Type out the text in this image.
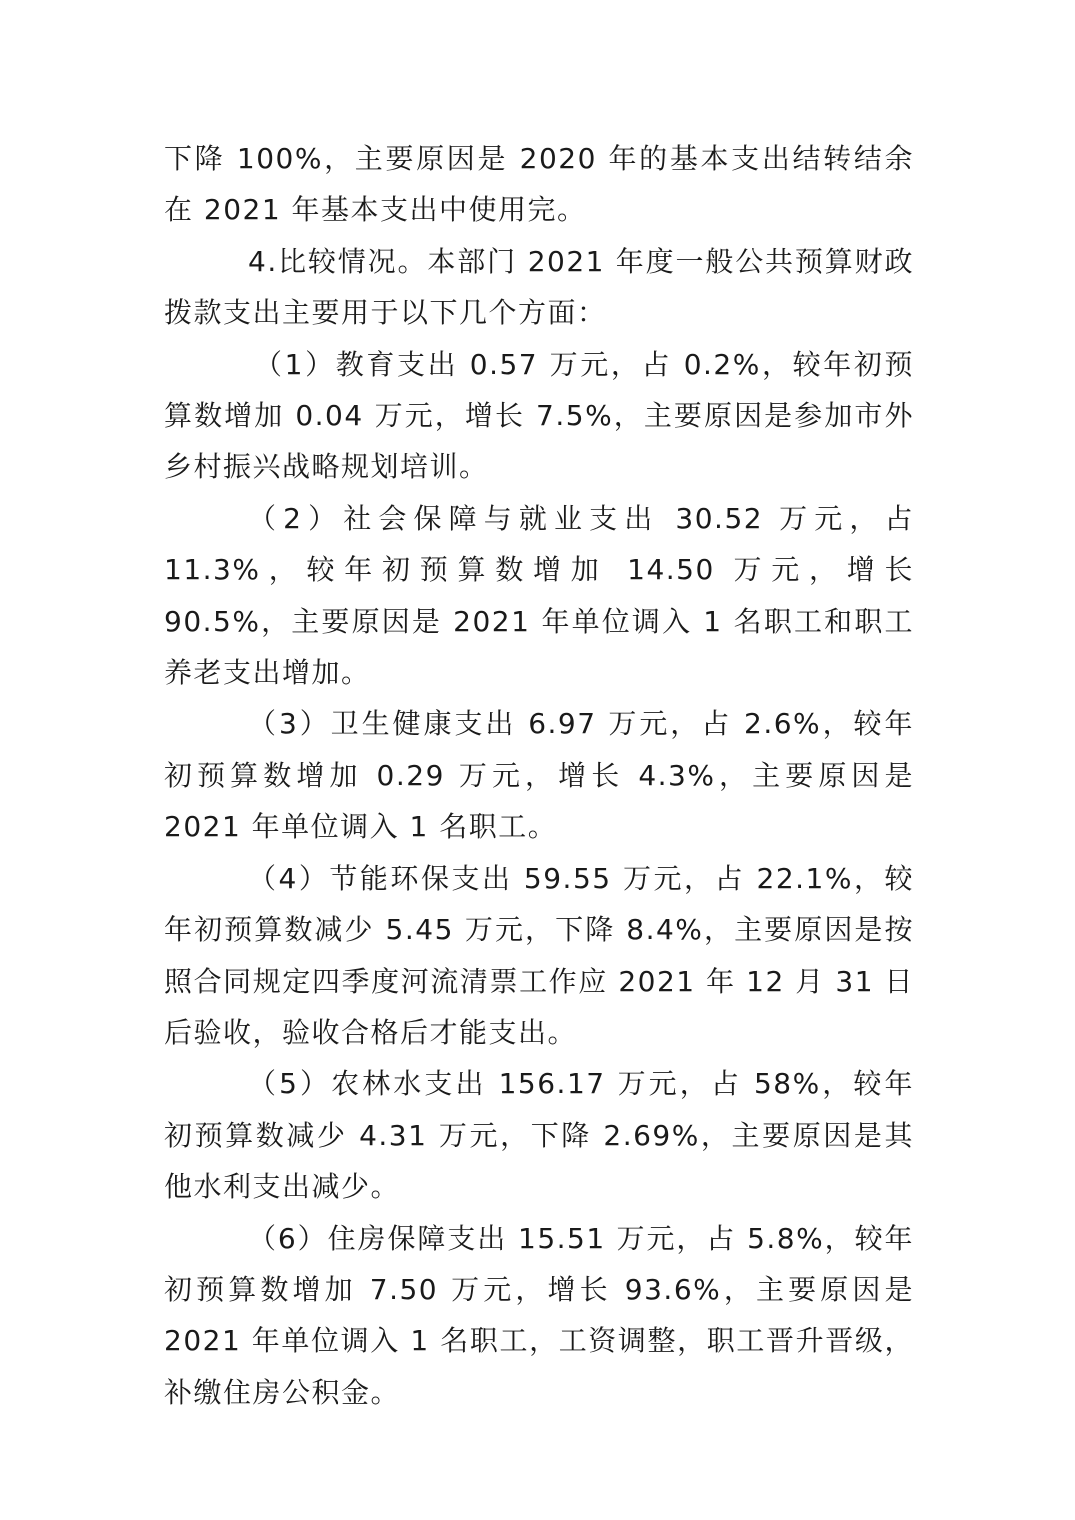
下降 100%，主要原因是 2020 年的基本支出结转结余在 2021 年基本支出中使用完。

4.比较情况。本部门 2021 年度一般公共预算财政拨款支出主要用于以下几个方面：

（1）教育支出 0.57 万元，占 0.2%，较年初预算数增加 0.04 万元，增长 7.5%，主要原因是参加市外乡村振兴战略规划培训。

（2）社会保障与就业支出 30.52 万元，占 11.3%，较年初预算数增加 14.50 万元，增长 90.5%，主要原因是 2021 年单位调入 1 名职工和职工养老支出增加。

（3）卫生健康支出 6.97 万元，占 2.6%，较年初预算数增加 0.29 万元，增长 4.3%，主要原因是 2021 年单位调入 1 名职工。

（4）节能环保支出 59.55 万元，占 22.1%，较年初预算数减少 5.45 万元，下降 8.4%，主要原因是按照合同规定四季度河流清票工作应 2021 年 12 月 31 日后验收，验收合格后才能支出。

（5）农林水支出 156.17 万元，占 58%，较年初预算数减少 4.31 万元，下降 2.69%，主要原因是其他水利支出减少。

（6）住房保障支出 15.51 万元，占 5.8%，较年初预算数增加 7.50 万元，增长 93.6%，主要原因是 2021 年单位调入 1 名职工，工资调整，职工晋升晋级，补缴住房公积金。
